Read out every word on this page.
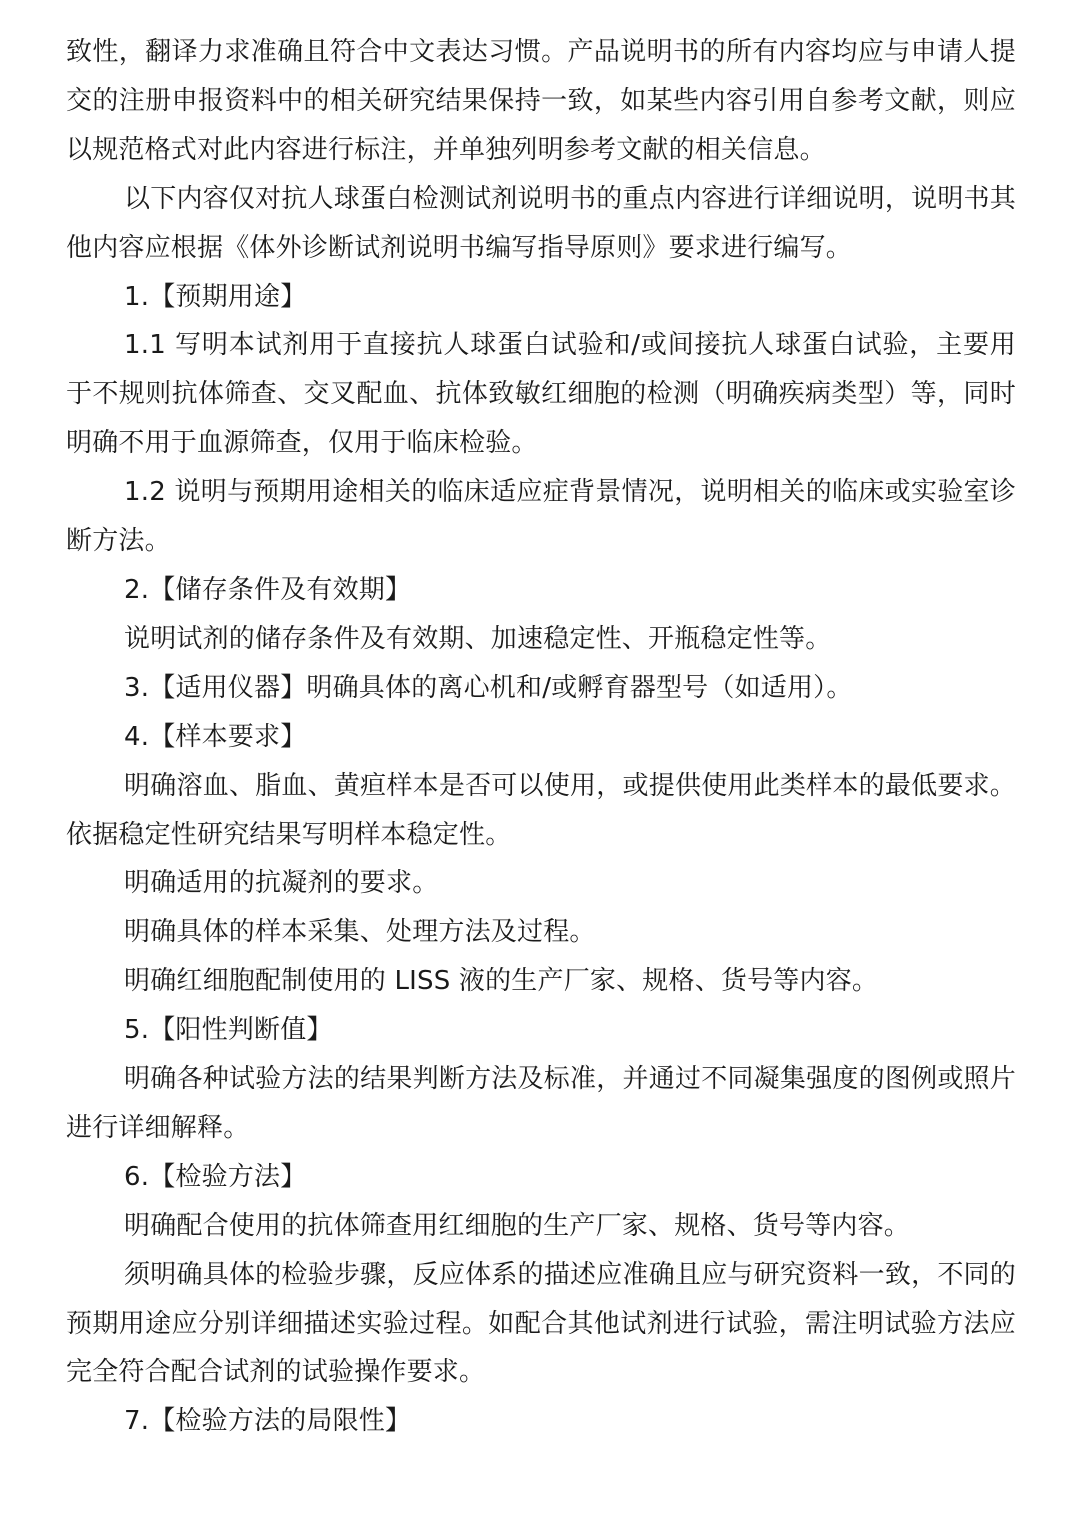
致性，翻译力求准确且符合中文表达习惯。产品说明书的所有内容均应与申请人提交的注册申报资料中的相关研究结果保持一致，如某些内容引用自参考文献，则应以规范格式对此内容进行标注，并单独列明参考文献的相关信息。

以下内容仅对抗人球蛋白检测试剂说明书的重点内容进行详细说明，说明书其他内容应根据《体外诊断试剂说明书编写指导原则》要求进行编写。

1.【预期用途】

1.1 写明本试剂用于直接抗人球蛋白试验和/或间接抗人球蛋白试验，主要用于不规则抗体筛查、交叉配血、抗体致敏红细胞的检测（明确疾病类型）等，同时明确不用于血源筛查，仅用于临床检验。

1.2 说明与预期用途相关的临床适应症背景情况，说明相关的临床或实验室诊断方法。

2.【储存条件及有效期】

说明试剂的储存条件及有效期、加速稳定性、开瓶稳定性等。

3.【适用仪器】明确具体的离心机和/或孵育器型号（如适用）。

4.【样本要求】

明确溶血、脂血、黄疸样本是否可以使用，或提供使用此类样本的最低要求。依据稳定性研究结果写明样本稳定性。

明确适用的抗凝剂的要求。

明确具体的样本采集、处理方法及过程。

明确红细胞配制使用的 LISS 液的生产厂家、规格、货号等内容。

5.【阳性判断值】

明确各种试验方法的结果判断方法及标准，并通过不同凝集强度的图例或照片进行详细解释。

6.【检验方法】

明确配合使用的抗体筛查用红细胞的生产厂家、规格、货号等内容。

须明确具体的检验步骤，反应体系的描述应准确且应与研究资料一致，不同的预期用途应分别详细描述实验过程。如配合其他试剂进行试验，需注明试验方法应完全符合配合试剂的试验操作要求。

7.【检验方法的局限性】
